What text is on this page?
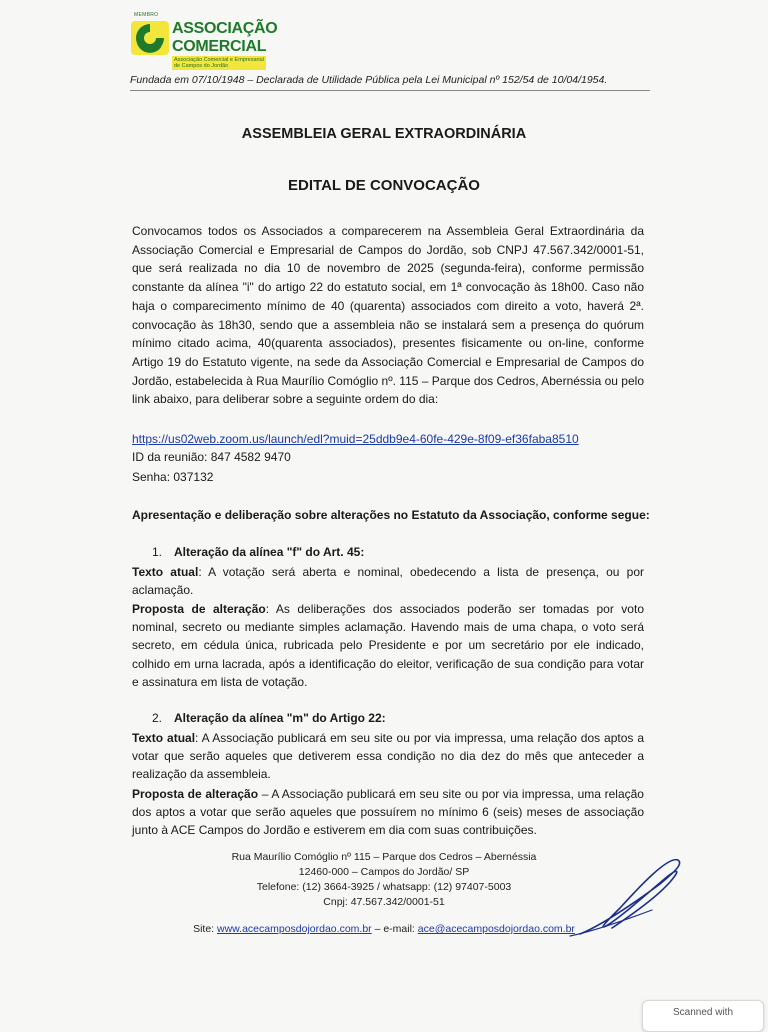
MEMBRO
ASSOCIAÇÃO
COMERCIAL
Associação Comercial e Empresarial de Campos do Jordão
Fundada em 07/10/1948 – Declarada de Utilidade Pública pela Lei Municipal nº 152/54 de 10/04/1954.
ASSEMBLEIA GERAL EXTRAORDINÁRIA
EDITAL DE CONVOCAÇÃO
Convocamos todos os Associados a comparecerem na Assembleia Geral Extraordinária da Associação Comercial e Empresarial de Campos do Jordão, sob CNPJ 47.567.342/0001-51, que será realizada no dia 10 de novembro de 2025 (segunda-feira), conforme permissão constante da alínea "i" do artigo 22 do estatuto social, em 1ª convocação às 18h00. Caso não haja o comparecimento mínimo de 40 (quarenta) associados com direito a voto, haverá 2ª. convocação às 18h30, sendo que a assembleia não se instalará sem a presença do quórum mínimo citado acima, 40(quarenta associados), presentes fisicamente ou on-line, conforme Artigo 19 do Estatuto vigente, na sede da Associação Comercial e Empresarial de Campos do Jordão, estabelecida à Rua Maurílio Comóglio nº. 115 – Parque dos Cedros, Abernéssia ou pelo link abaixo, para deliberar sobre a seguinte ordem do dia:
https://us02web.zoom.us/launch/edl?muid=25ddb9e4-60fe-429e-8f09-ef36faba8510
ID da reunião: 847 4582 9470
Senha: 037132
Apresentação e deliberação sobre alterações no Estatuto da Associação, conforme segue:
1. Alteração da alínea "f" do Art. 45:
Texto atual: A votação será aberta e nominal, obedecendo a lista de presença, ou por aclamação.
Proposta de alteração: As deliberações dos associados poderão ser tomadas por voto nominal, secreto ou mediante simples aclamação. Havendo mais de uma chapa, o voto será secreto, em cédula única, rubricada pelo Presidente e por um secretário por ele indicado, colhido em urna lacrada, após a identificação do eleitor, verificação de sua condição para votar e assinatura em lista de votação.
2. Alteração da alínea "m" do Artigo 22:
Texto atual: A Associação publicará em seu site ou por via impressa, uma relação dos aptos a votar que serão aqueles que detiverem essa condição no dia dez do mês que anteceder a realização da assembleia.
Proposta de alteração – A Associação publicará em seu site ou por via impressa, uma relação dos aptos a votar que serão aqueles que possuírem no mínimo 6 (seis) meses de associação junto à ACE Campos do Jordão e estiverem em dia com suas contribuições.
Rua Maurílio Comóglio nº 115 – Parque dos Cedros – Abernéssia
12460-000 – Campos do Jordão/ SP
Telefone: (12) 3664-3925 / whatsapp: (12) 97407-5003
Cnpj: 47.567.342/0001-51
Site: www.acecamposdojordao.com.br – e-mail: ace@acecamposdojordao.com.br
Scanned with
